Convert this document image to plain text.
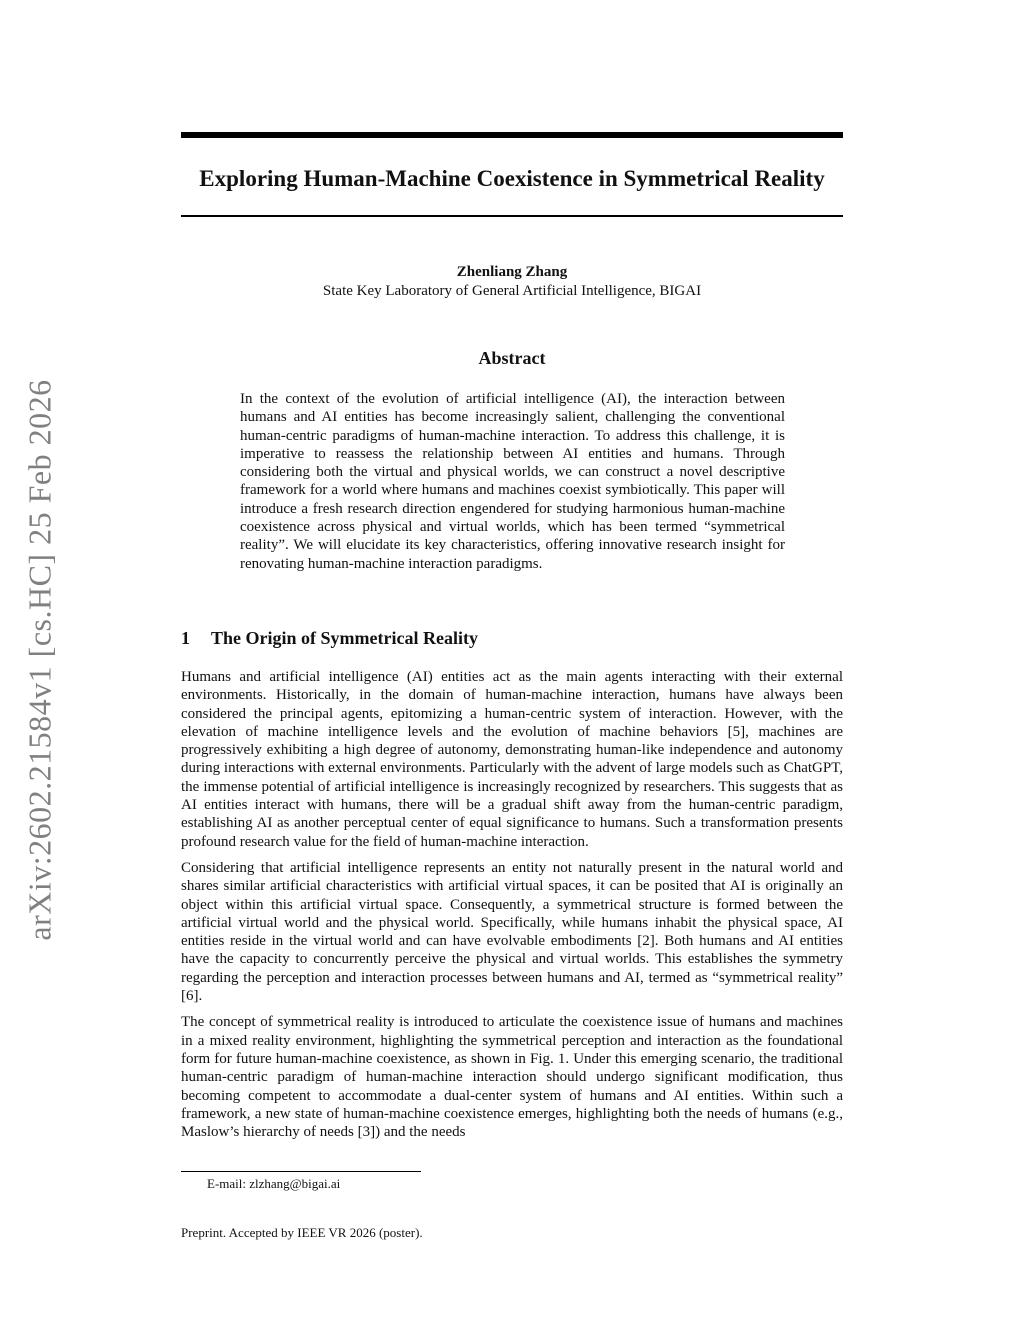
arXiv:2602.21584v1 [cs.HC] 25 Feb 2026
Exploring Human-Machine Coexistence in Symmetrical Reality
Zhenliang Zhang
State Key Laboratory of General Artificial Intelligence, BIGAI
Abstract
In the context of the evolution of artificial intelligence (AI), the interaction between humans and AI entities has become increasingly salient, challenging the conventional human-centric paradigms of human-machine interaction. To address this challenge, it is imperative to reassess the relationship between AI entities and humans. Through considering both the virtual and physical worlds, we can construct a novel descriptive framework for a world where humans and machines coexist symbiotically. This paper will introduce a fresh research direction engendered for studying harmonious human-machine coexistence across physical and virtual worlds, which has been termed “symmetrical reality”. We will elucidate its key characteristics, offering innovative research insight for renovating human-machine interaction paradigms.
1 The Origin of Symmetrical Reality

Humans and artificial intelligence (AI) entities act as the main agents interacting with their external environments. Historically, in the domain of human-machine interaction, humans have always been considered the principal agents, epitomizing a human-centric system of interaction. However, with the elevation of machine intelligence levels and the evolution of machine behaviors [5], machines are progressively exhibiting a high degree of autonomy, demonstrating human-like independence and autonomy during interactions with external environments. Particularly with the advent of large models such as ChatGPT, the immense potential of artificial intelligence is increasingly recognized by researchers. This suggests that as AI entities interact with humans, there will be a gradual shift away from the human-centric paradigm, establishing AI as another perceptual center of equal significance to humans. Such a transformation presents profound research value for the field of human-machine interaction.

Considering that artificial intelligence represents an entity not naturally present in the natural world and shares similar artificial characteristics with artificial virtual spaces, it can be posited that AI is originally an object within this artificial virtual space. Consequently, a symmetrical structure is formed between the artificial virtual world and the physical world. Specifically, while humans inhabit the physical space, AI entities reside in the virtual world and can have evolvable embodiments [2]. Both humans and AI entities have the capacity to concurrently perceive the physical and virtual worlds. This establishes the symmetry regarding the perception and interaction processes between humans and AI, termed as “symmetrical reality” [6].

The concept of symmetrical reality is introduced to articulate the coexistence issue of humans and machines in a mixed reality environment, highlighting the symmetrical perception and interaction as the foundational form for future human-machine coexistence, as shown in Fig. 1. Under this emerging scenario, the traditional human-centric paradigm of human-machine interaction should undergo significant modification, thus becoming competent to accommodate a dual-center system of humans and AI entities. Within such a framework, a new state of human-machine coexistence emerges, highlighting both the needs of humans (e.g., Maslow’s hierarchy of needs [3]) and the needs

E-mail: zlzhang@bigai.ai
Preprint. Accepted by IEEE VR 2026 (poster).
